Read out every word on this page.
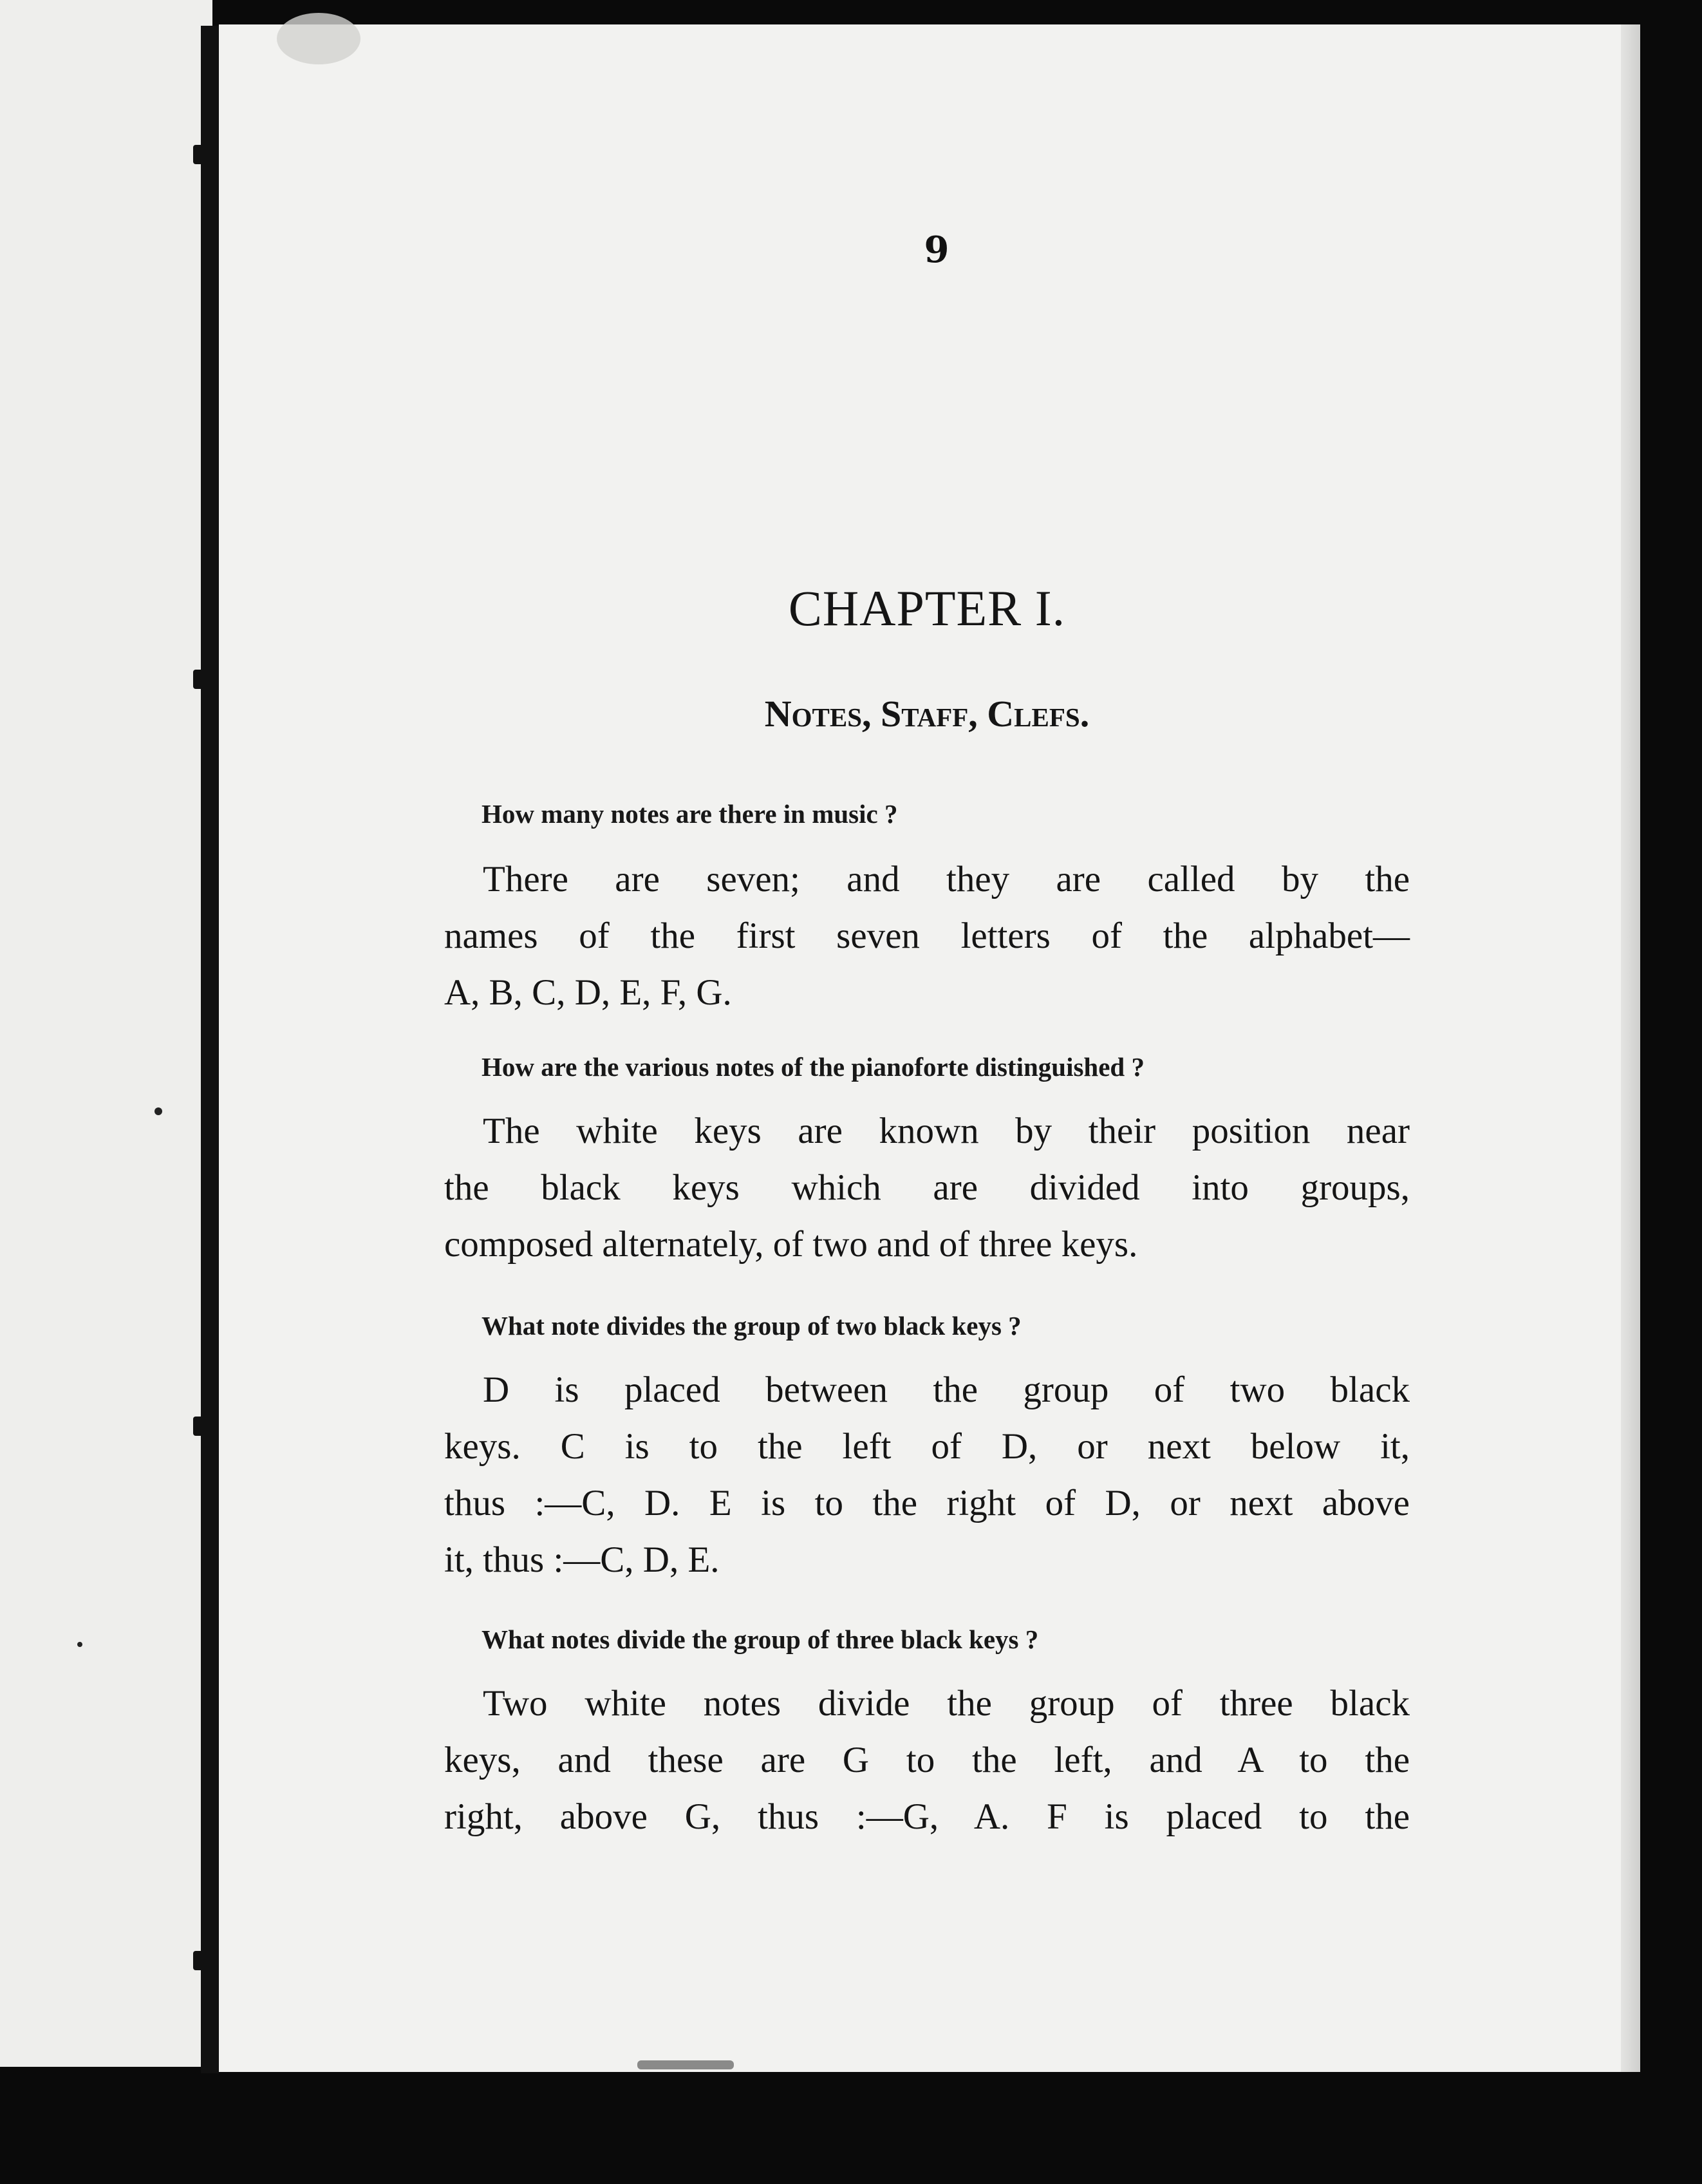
9
CHAPTER I.
Notes, Staff, Clefs.
How many notes are there in music ?
There are seven; and they are called by the
names of the first seven letters of the alphabet—
A, B, C, D, E, F, G.
How are the various notes of the pianoforte distinguished ?
The white keys are known by their position near
the black keys which are divided into groups,
composed alternately, of two and of three keys.
What note divides the group of two black keys ?
D is placed between the group of two black
keys. C is to the left of D, or next below it,
thus :—C, D. E is to the right of D, or next above
it, thus :—C, D, E.
What notes divide the group of three black keys ?
Two white notes divide the group of three black
keys, and these are G to the left, and A to the
right, above G, thus :—G, A. F is placed to the
